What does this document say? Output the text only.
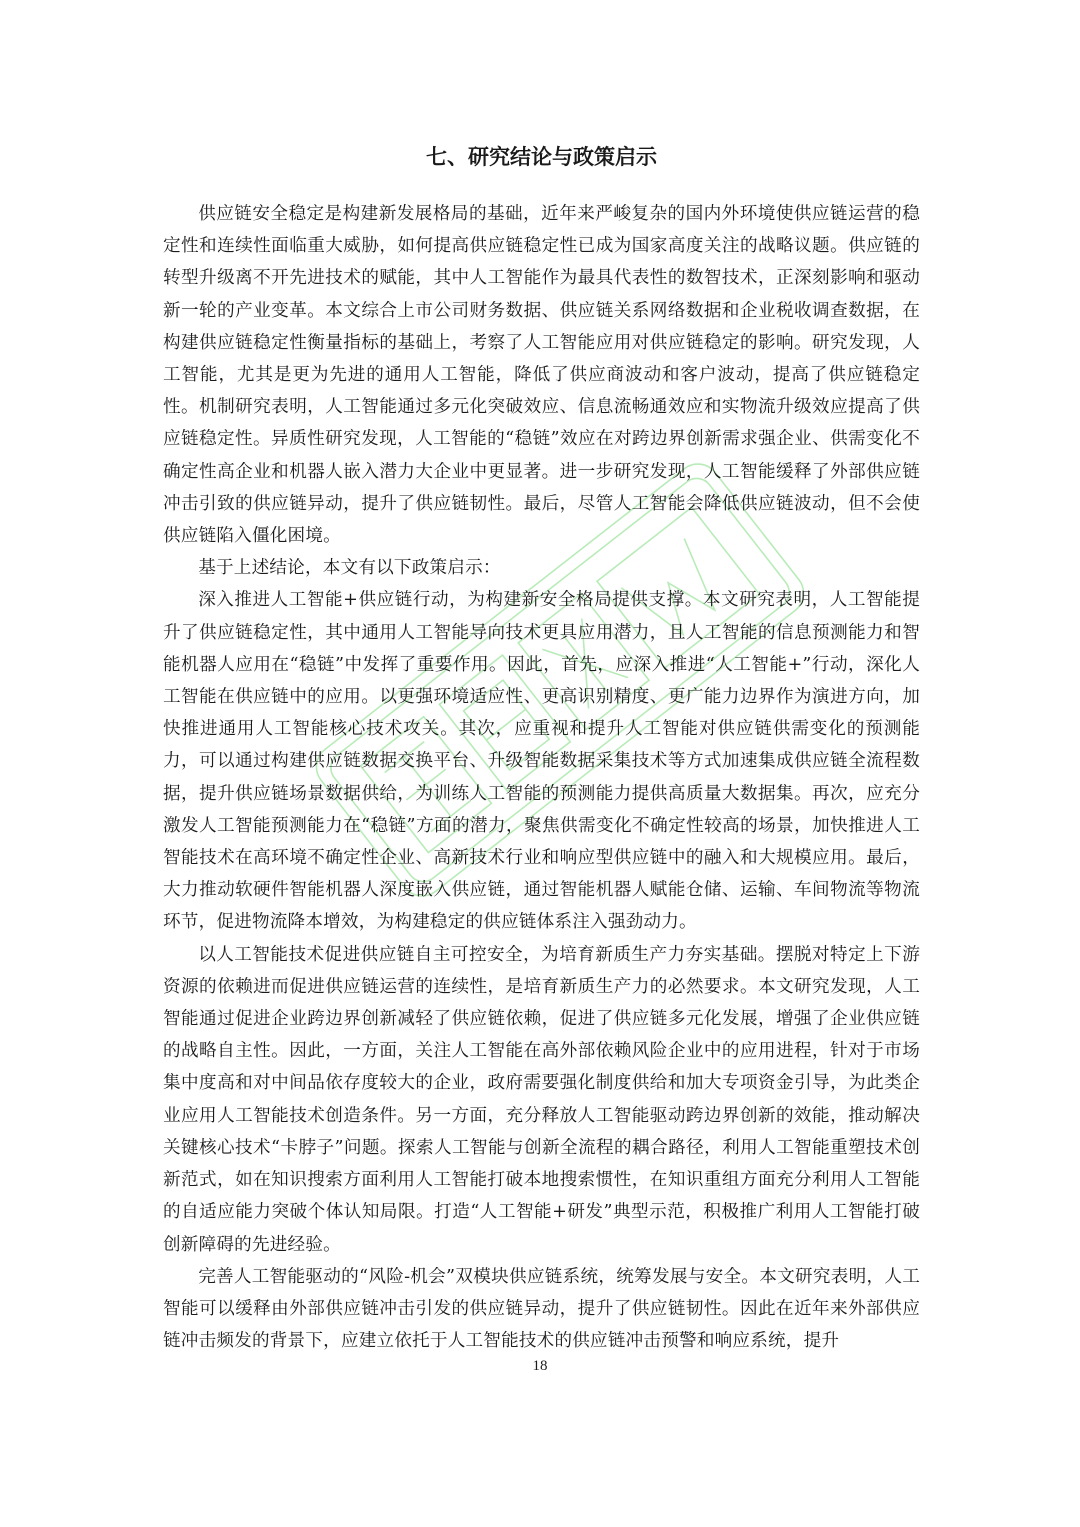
七、研究结论与政策启示

供应链安全稳定是构建新发展格局的基础，近年来严峻复杂的国内外环境使供应链运营的稳定性和连续性面临重大威胁，如何提高供应链稳定性已成为国家高度关注的战略议题。供应链的转型升级离不开先进技术的赋能，其中人工智能作为最具代表性的数智技术，正深刻影响和驱动新一轮的产业变革。本文综合上市公司财务数据、供应链关系网络数据和企业税收调查数据，在构建供应链稳定性衡量指标的基础上，考察了人工智能应用对供应链稳定的影响。研究发现，人工智能，尤其是更为先进的通用人工智能，降低了供应商波动和客户波动，提高了供应链稳定性。机制研究表明，人工智能通过多元化突破效应、信息流畅通效应和实物流升级效应提高了供应链稳定性。异质性研究发现，人工智能的“稳链”效应在对跨边界创新需求强企业、供需变化不确定性高企业和机器人嵌入潜力大企业中更显著。进一步研究发现，人工智能缓释了外部供应链冲击引致的供应链异动，提升了供应链韧性。最后，尽管人工智能会降低供应链波动，但不会使供应链陷入僵化困境。

基于上述结论，本文有以下政策启示：

深入推进人工智能+供应链行动，为构建新安全格局提供支撑。本文研究表明，人工智能提升了供应链稳定性，其中通用人工智能导向技术更具应用潜力，且人工智能的信息预测能力和智能机器人应用在“稳链”中发挥了重要作用。因此，首先，应深入推进“人工智能+”行动，深化人工智能在供应链中的应用。以更强环境适应性、更高识别精度、更广能力边界作为演进方向，加快推进通用人工智能核心技术攻关。其次，应重视和提升人工智能对供应链供需变化的预测能力，可以通过构建供应链数据交换平台、升级智能数据采集技术等方式加速集成供应链全流程数据，提升供应链场景数据供给，为训练人工智能的预测能力提供高质量大数据集。再次，应充分激发人工智能预测能力在“稳链”方面的潜力，聚焦供需变化不确定性较高的场景，加快推进人工智能技术在高环境不确定性企业、高新技术行业和响应型供应链中的融入和大规模应用。最后，大力推动软硬件智能机器人深度嵌入供应链，通过智能机器人赋能仓储、运输、车间物流等物流环节，促进物流降本增效，为构建稳定的供应链体系注入强劲动力。

以人工智能技术促进供应链自主可控安全，为培育新质生产力夯实基础。摆脱对特定上下游资源的依赖进而促进供应链运营的连续性，是培育新质生产力的必然要求。本文研究发现，人工智能通过促进企业跨边界创新减轻了供应链依赖，促进了供应链多元化发展，增强了企业供应链的战略自主性。因此，一方面，关注人工智能在高外部依赖风险企业中的应用进程，针对于市场集中度高和对中间品依存度较大的企业，政府需要强化制度供给和加大专项资金引导，为此类企业应用人工智能技术创造条件。另一方面，充分释放人工智能驱动跨边界创新的效能，推动解决关键核心技术“卡脖子”问题。探索人工智能与创新全流程的耦合路径，利用人工智能重塑技术创新范式，如在知识搜索方面利用人工智能打破本地搜索惯性，在知识重组方面充分利用人工智能的自适应能力突破个体认知局限。打造“人工智能+研发”典型示范，积极推广利用人工智能打破创新障碍的先进经验。

完善人工智能驱动的“风险-机会”双模块供应链系统，统筹发展与安全。本文研究表明，人工智能可以缓释由外部供应链冲击引发的供应链异动，提升了供应链韧性。因此在近年来外部供应链冲击频发的背景下，应建立依托于人工智能技术的供应链冲击预警和响应系统，提升

18
